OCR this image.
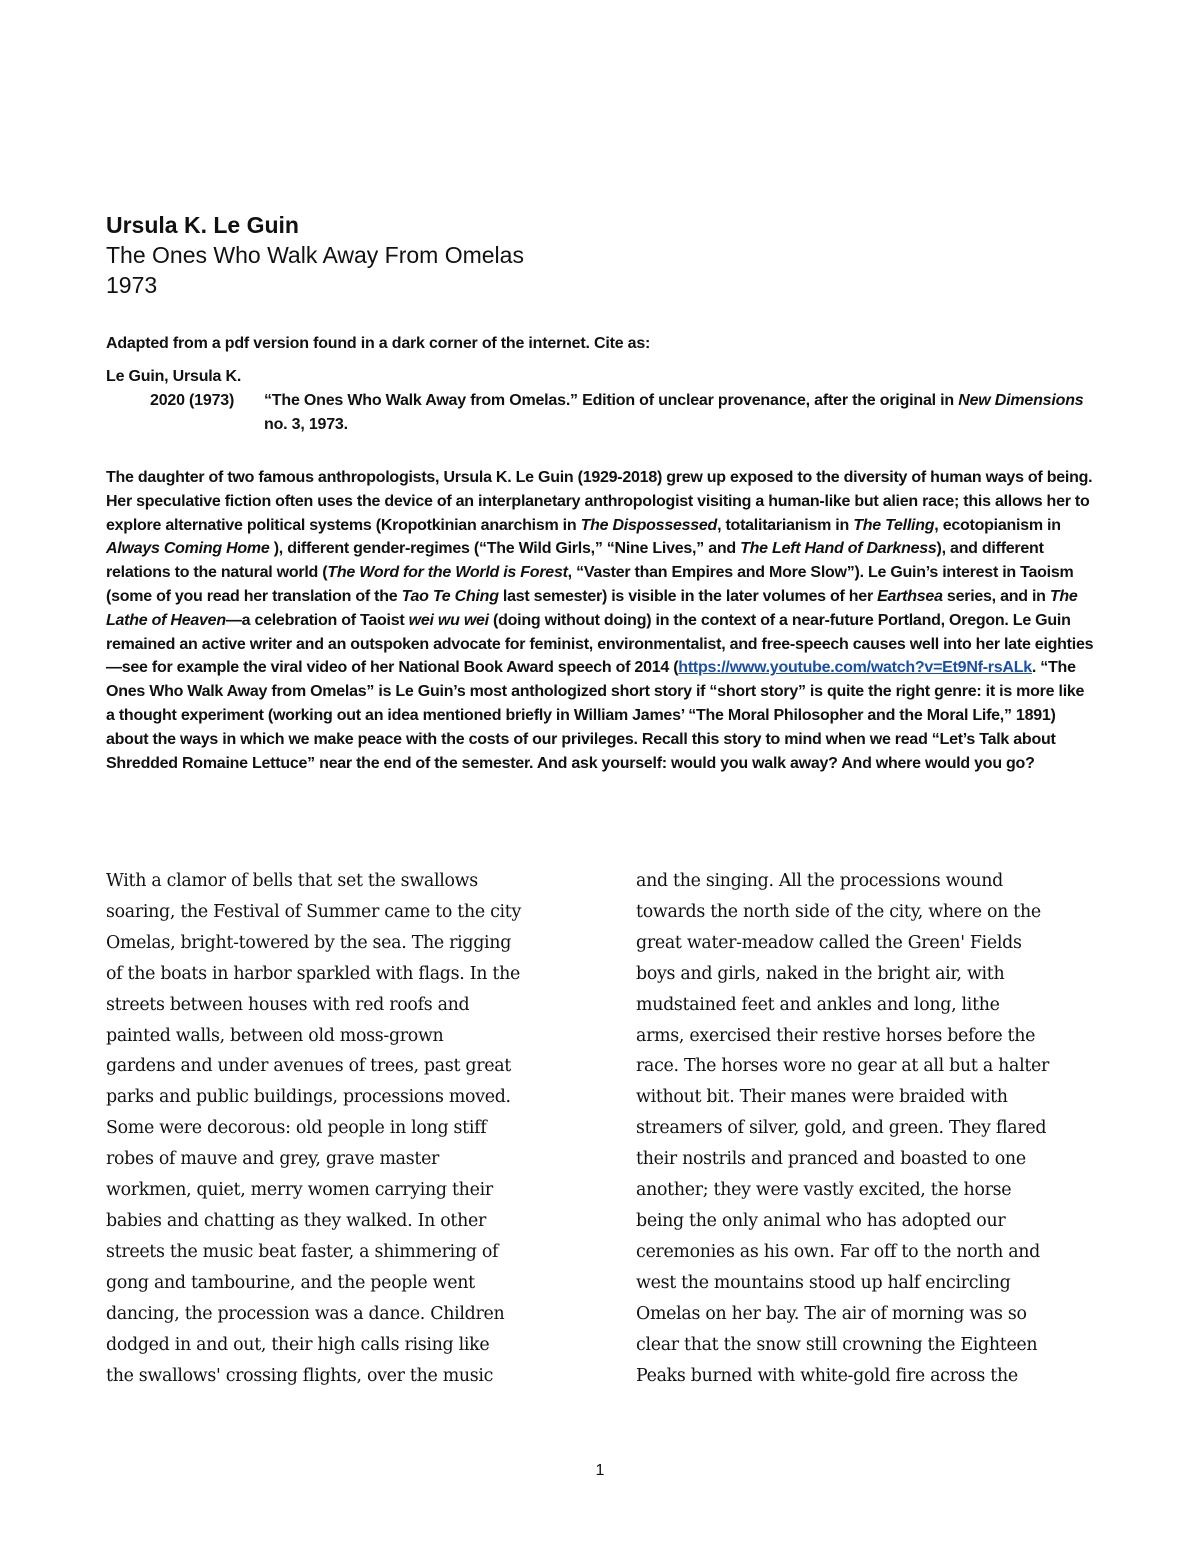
Ursula K. Le Guin

The Ones Who Walk Away From Omelas

1973

Adapted from a pdf version found in a dark corner of the internet. Cite as:

Le Guin, Ursula K.

2020 (1973)	“The Ones Who Walk Away from Omelas.” Edition of unclear provenance, after the original in New Dimensions no. 3, 1973.

The daughter of two famous anthropologists, Ursula K. Le Guin (1929-2018) grew up exposed to the diversity of human ways of being. Her speculative fiction often uses the device of an interplanetary anthropologist visiting a human-like but alien race; this allows her to explore alternative political systems (Kropotkinian anarchism in The Dispossessed, totalitarianism in The Telling, ecotopianism in Always Coming Home ), different gender-regimes (“The Wild Girls,” “Nine Lives,” and The Left Hand of Darkness), and different relations to the natural world (The Word for the World is Forest, “Vaster than Empires and More Slow”). Le Guin’s interest in Taoism (some of you read her translation of the Tao Te Ching last semester) is visible in the later volumes of her Earthsea series, and in The Lathe of Heaven—a celebration of Taoist wei wu wei (doing without doing) in the context of a near-future Portland, Oregon. Le Guin remained an active writer and an outspoken advocate for feminist, environmentalist, and free-speech causes well into her late eighties—see for example the viral video of her National Book Award speech of 2014 (https://www.youtube.com/watch?v=Et9Nf-rsALk. “The Ones Who Walk Away from Omelas” is Le Guin’s most anthologized short story if “short story” is quite the right genre: it is more like a thought experiment (working out an idea mentioned briefly in William James’ “The Moral Philosopher and the Moral Life,” 1891) about the ways in which we make peace with the costs of our privileges. Recall this story to mind when we read “Let’s Talk about Shredded Romaine Lettuce” near the end of the semester. And ask yourself: would you walk away? And where would you go?

With a clamor of bells that set the swallows
soaring, the Festival of Summer came to the city
Omelas, bright-towered by the sea. The rigging
of the boats in harbor sparkled with flags. In the
streets between houses with red roofs and
painted walls, between old moss-grown
gardens and under avenues of trees, past great
parks and public buildings, processions moved.
Some were decorous: old people in long stiff
robes of mauve and grey, grave master
workmen, quiet, merry women carrying their
babies and chatting as they walked. In other
streets the music beat faster, a shimmering of
gong and tambourine, and the people went
dancing, the procession was a dance. Children
dodged in and out, their high calls rising like
the swallows' crossing flights, over the music

and the singing. All the processions wound
towards the north side of the city, where on the
great water-meadow called the Green' Fields
boys and girls, naked in the bright air, with
mudstained feet and ankles and long, lithe
arms, exercised their restive horses before the
race. The horses wore no gear at all but a halter
without bit. Their manes were braided with
streamers of silver, gold, and green. They flared
their nostrils and pranced and boasted to one
another; they were vastly excited, the horse
being the only animal who has adopted our
ceremonies as his own. Far off to the north and
west the mountains stood up half encircling
Omelas on her bay. The air of morning was so
clear that the snow still crowning the Eighteen
Peaks burned with white-gold fire across the

1
